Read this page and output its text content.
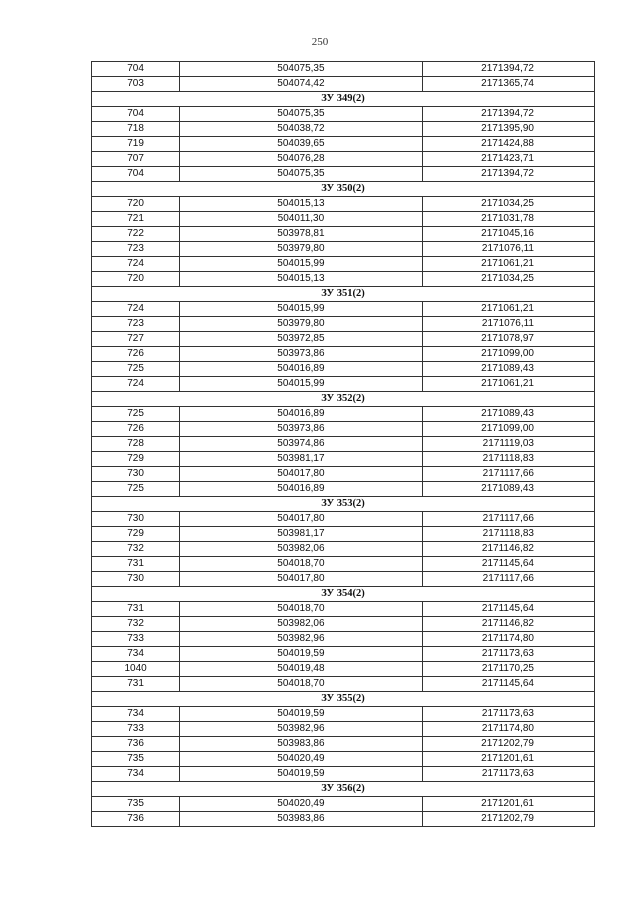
250
704	504075,35	2171394,72
703	504074,42	2171365,74
ЗУ 349(2)		
704	504075,35	2171394,72
718	504038,72	2171395,90
719	504039,65	2171424,88
707	504076,28	2171423,71
704	504075,35	2171394,72
ЗУ 350(2)		
720	504015,13	2171034,25
721	504011,30	2171031,78
722	503978,81	2171045,16
723	503979,80	2171076,11
724	504015,99	2171061,21
720	504015,13	2171034,25
ЗУ 351(2)		
724	504015,99	2171061,21
723	503979,80	2171076,11
727	503972,85	2171078,97
726	503973,86	2171099,00
725	504016,89	2171089,43
724	504015,99	2171061,21
ЗУ 352(2)		
725	504016,89	2171089,43
726	503973,86	2171099,00
728	503974,86	2171119,03
729	503981,17	2171118,83
730	504017,80	2171117,66
725	504016,89	2171089,43
ЗУ 353(2)		
730	504017,80	2171117,66
729	503981,17	2171118,83
732	503982,06	2171146,82
731	504018,70	2171145,64
730	504017,80	2171117,66
ЗУ 354(2)		
731	504018,70	2171145,64
732	503982,06	2171146,82
733	503982,96	2171174,80
734	504019,59	2171173,63
1040	504019,48	2171170,25
731	504018,70	2171145,64
ЗУ 355(2)		
734	504019,59	2171173,63
733	503982,96	2171174,80
736	503983,86	2171202,79
735	504020,49	2171201,61
734	504019,59	2171173,63
ЗУ 356(2)		
735	504020,49	2171201,61
736	503983,86	2171202,79
